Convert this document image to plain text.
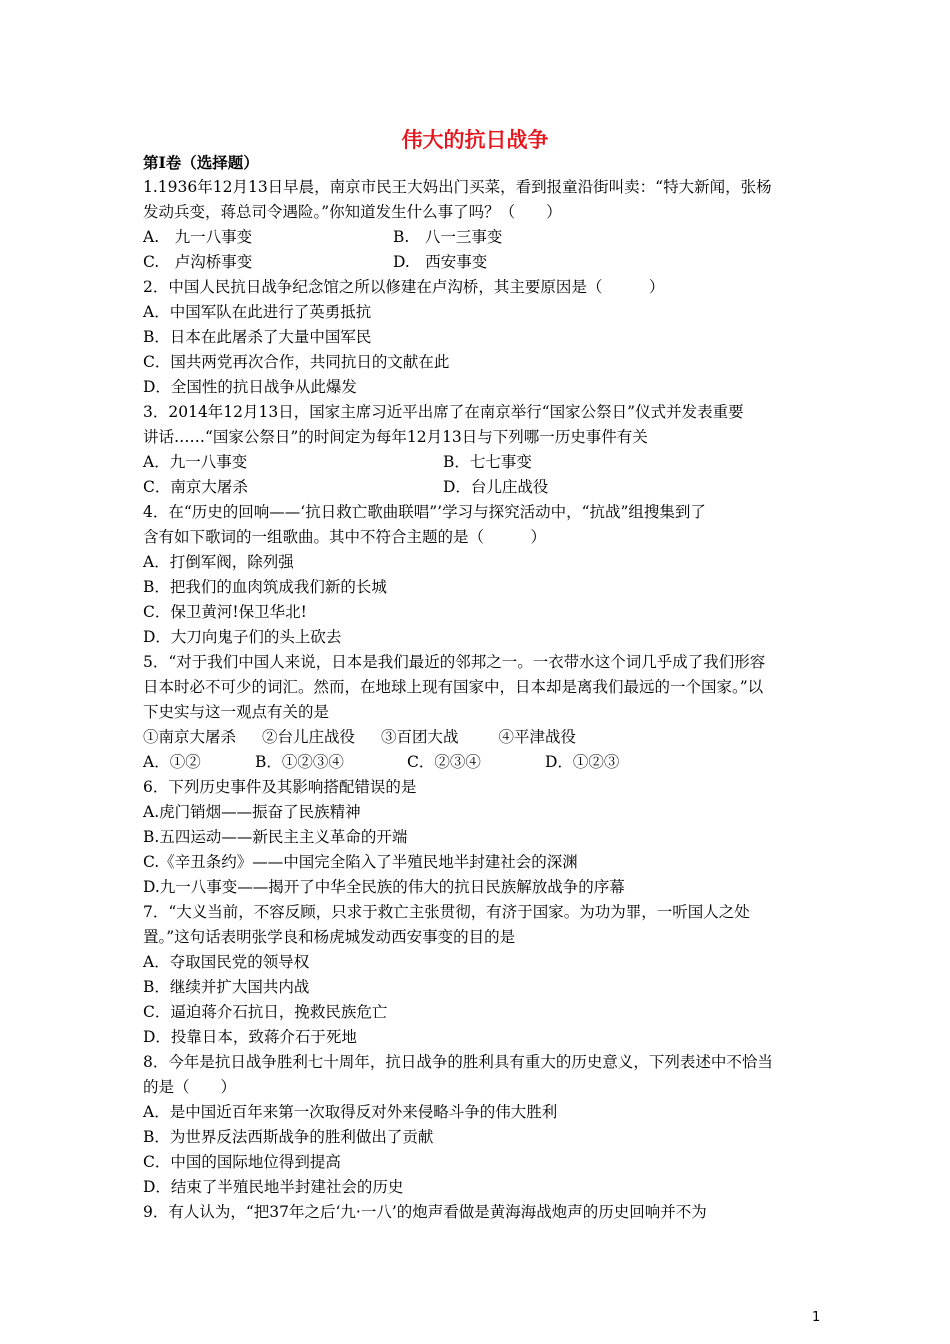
伟大的抗日战争
第Ⅰ卷（选择题）
1.1936年12月13日早晨，南京市民王大妈出门买菜，看到报童沿街叫卖：“特大新闻，张杨
发动兵变，蒋总司令遇险。”你知道发生什么事了吗？（　　）
A.　九一八事变	B.　八一三事变
C.　卢沟桥事变	D.　西安事变
2．中国人民抗日战争纪念馆之所以修建在卢沟桥，其主要原因是（　　　）
A．中国军队在此进行了英勇抵抗
B．日本在此屠杀了大量中国军民
C．国共两党再次合作，共同抗日的文献在此
D．全国性的抗日战争从此爆发
3．2014年12月13日，国家主席习近平出席了在南京举行“国家公祭日”仪式并发表重要
讲话……“国家公祭日”的时间定为每年12月13日与下列哪一历史事件有关
A．九一八事变	B．七七事变
C．南京大屠杀	D．台儿庄战役
4．在“历史的回响——‘抗日救亡歌曲联唱”’学习与探究活动中，“抗战”组搜集到了
含有如下歌词的一组歌曲。其中不符合主题的是（　　　）
A．打倒军阀，除列强
B．把我们的血肉筑成我们新的长城
C．保卫黄河!保卫华北!
D．大刀向鬼子们的头上砍去
5．“对于我们中国人来说，日本是我们最近的邻邦之一。一衣带水这个词几乎成了我们形容
日本时必不可少的词汇。然而，在地球上现有国家中，日本却是离我们最远的一个国家。”以
下史实与这一观点有关的是
①南京大屠杀 ②台儿庄战役 ③百团大战	④平津战役
A．①②	B．①②③④	C．②③④	D．①②③
6．下列历史事件及其影响搭配错误的是
A.虎门销烟——振奋了民族精神
B.五四运动——新民主主义革命的开端
C.《辛丑条约》——中国完全陷入了半殖民地半封建社会的深渊
D.九一八事变——揭开了中华全民族的伟大的抗日民族解放战争的序幕
7．“大义当前，不容反顾，只求于救亡主张贯彻，有济于国家。为功为罪，一听国人之处
置。”这句话表明张学良和杨虎城发动西安事变的目的是
A．夺取国民党的领导权
B．继续并扩大国共内战
C．逼迫蒋介石抗日，挽救民族危亡
D．投靠日本，致蒋介石于死地
8．今年是抗日战争胜利七十周年，抗日战争的胜利具有重大的历史意义，下列表述中不恰当
的是（　　）
A．是中国近百年来第一次取得反对外来侵略斗争的伟大胜利
B．为世界反法西斯战争的胜利做出了贡献
C．中国的国际地位得到提高
D．结束了半殖民地半封建社会的历史
9．有人认为，“把37年之后‘九·一八’的炮声看做是黄海海战炮声的历史回响并不为
1
